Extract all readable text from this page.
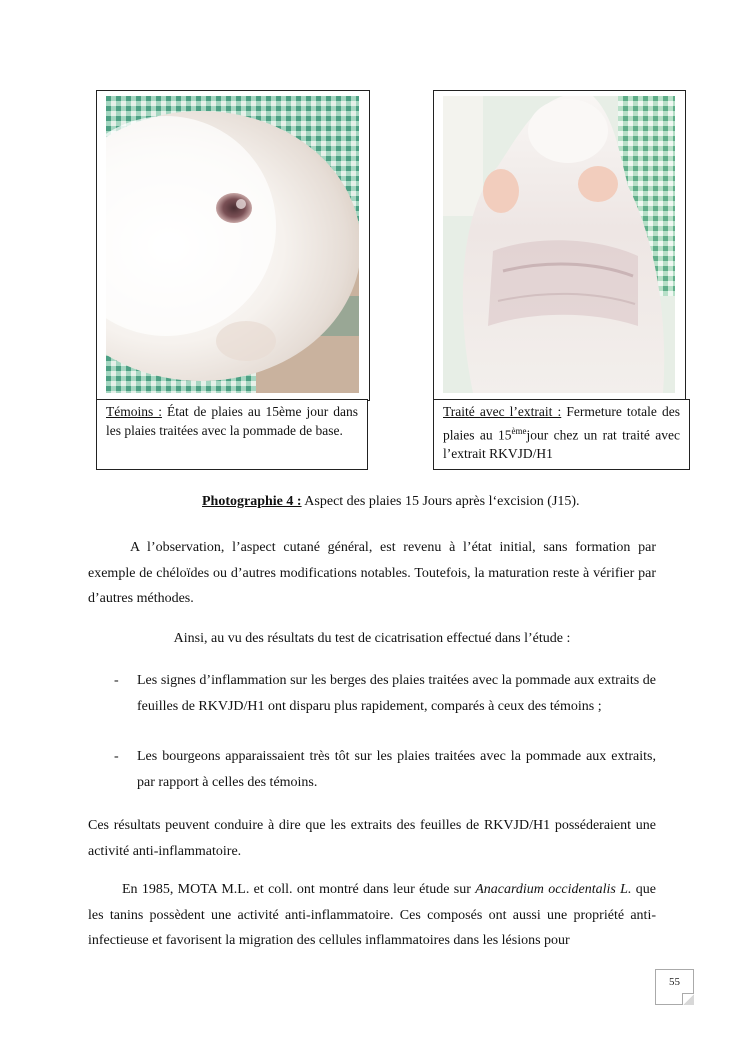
Témoins : État de plaies au 15ème jour dans les plaies traitées avec la pommade de base.
Traité avec l’extrait : Fermeture totale des plaies au 15èmejour chez un rat traité avec l’extrait RKVJD/H1
Photographie 4 : Aspect des plaies 15 Jours après l‘excision (J15).
A l’observation, l’aspect cutané général, est revenu à l’état initial, sans formation par exemple de chéloïdes ou d’autres modifications notables. Toutefois, la maturation reste à vérifier par d’autres méthodes.
Ainsi, au vu des résultats du test de cicatrisation effectué dans l’étude :
- Les signes d’inflammation sur les berges des plaies traitées avec la pommade aux extraits de feuilles de RKVJD/H1 ont disparu plus rapidement, comparés à ceux des témoins ;
- Les bourgeons apparaissaient très tôt sur les plaies traitées avec la pommade aux extraits, par rapport à celles des témoins.
Ces résultats peuvent conduire à dire que les extraits des feuilles de RKVJD/H1 posséderaient une activité anti-inflammatoire.
En 1985, MOTA M.L. et coll. ont montré dans leur étude sur Anacardium occidentalis L. que les tanins possèdent une activité anti-inflammatoire. Ces composés ont aussi une propriété anti-infectieuse et favorisent la migration des cellules inflammatoires dans les lésions pour
55
